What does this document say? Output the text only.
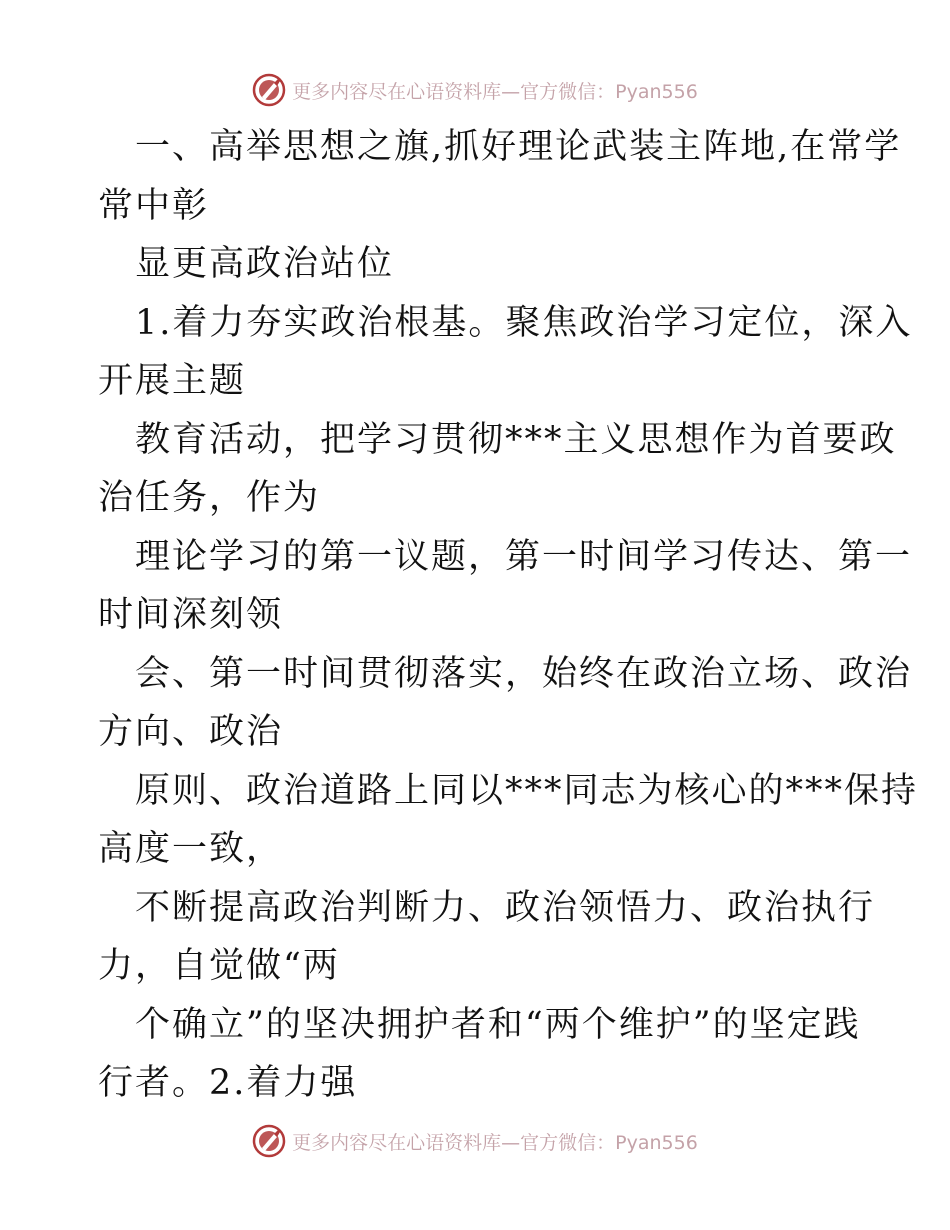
更多内容尽在心语资料库—官方微信：Pyan556
一、高举思想之旗,抓好理论武装主阵地,在常学
常中彰
显更高政治站位
1.着力夯实政治根基。聚焦政治学习定位，深入
开展主题
教育活动，把学习贯彻***主义思想作为首要政
治任务，作为
理论学习的第一议题，第一时间学习传达、第一
时间深刻领
会、第一时间贯彻落实，始终在政治立场、政治
方向、政治
原则、政治道路上同以***同志为核心的***保持
高度一致，
不断提高政治判断力、政治领悟力、政治执行
力，自觉做“两
个确立”的坚决拥护者和“两个维护”的坚定践
行者。2.着力强
更多内容尽在心语资料库—官方微信：Pyan556
